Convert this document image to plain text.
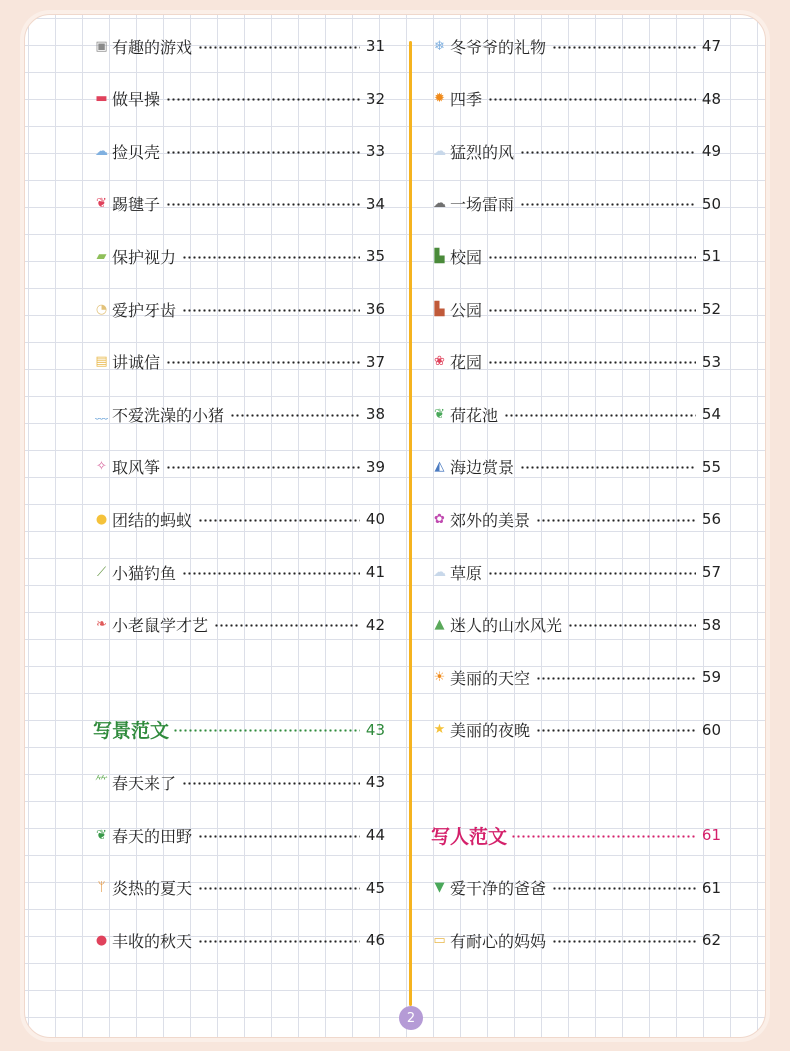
▣ 有趣的游戏	31
▬ 做早操	32
☁ 捡贝壳	33
❦ 踢毽子	34
▰ 保护视力	35
◔ 爱护牙齿	36
▤ 讲诚信	37
﹏ 不爱洗澡的小猪	38
✧ 取风筝	39
● 团结的蚂蚁	40
⟋ 小猫钓鱼	41
❧ 小老鼠学才艺	42
写景范文	43
⺮ 春天来了	43
❦ 春天的田野	44
ᛘ 炎热的夏天	45
● 丰收的秋天	46
❄ 冬爷爷的礼物	47
✹ 四季	48
☁ 猛烈的风	49
☁ 一场雷雨	50
▙ 校园	51
▙ 公园	52
❀ 花园	53
❦ 荷花池	54
◭ 海边赏景	55
✿ 郊外的美景	56
☁ 草原	57
▲ 迷人的山水风光	58
☀ 美丽的天空	59
★ 美丽的夜晚	60
写人范文	61
▼ 爱干净的爸爸	61
▭ 有耐心的妈妈	62
2
